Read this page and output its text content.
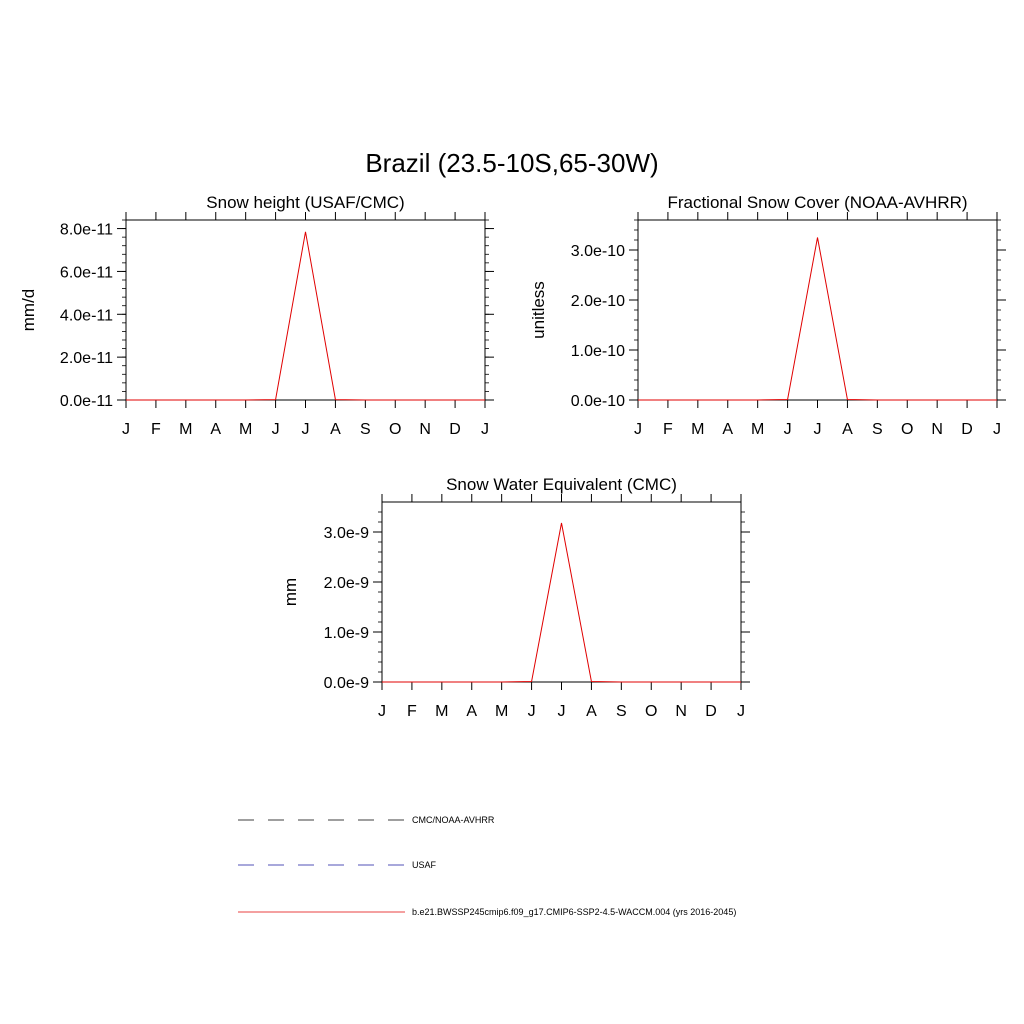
Brazil (23.5-10S,65-30W)
Snow height (USAF/CMC)
J F M A M J J A S O N D J
0.0e-11
2.0e-11
4.0e-11
6.0e-11
8.0e-11
mm/d
Fractional Snow Cover (NOAA-AVHRR)
J F M A M J J A S O N D J
0.0e-10
1.0e-10
2.0e-10
3.0e-10
unitless
Snow Water Equivalent (CMC)
J F M A M J J A S O N D J
0.0e-9
1.0e-9
2.0e-9
3.0e-9
mm
CMC/NOAA-AVHRR
USAF
b.e21.BWSSP245cmip6.f09_g17.CMIP6-SSP2-4.5-WACCM.004 (yrs 2016-2045)
